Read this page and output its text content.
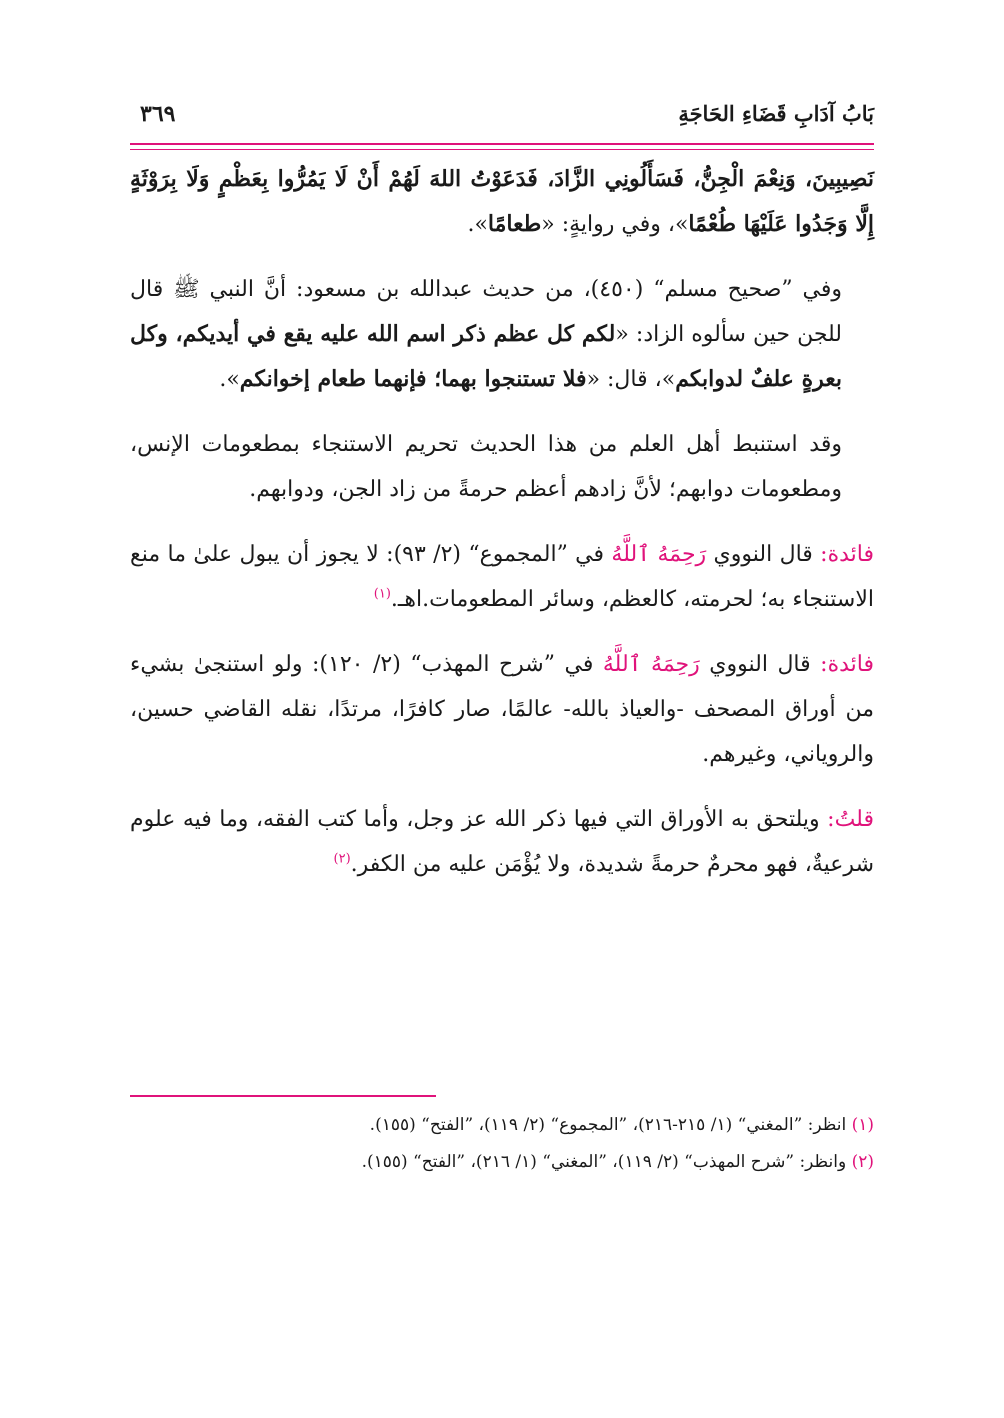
بَابُ آدَابِ قَضَاءِ الحَاجَةِ
٣٦٩

نَصِيبِينَ، وَنِعْمَ الْجِنُّ، فَسَأَلُونِي الزَّادَ، فَدَعَوْتُ اللهَ لَهُمْ أَنْ لَا يَمُرُّوا بِعَظْمٍ وَلَا بِرَوْثَةٍ إِلَّا وَجَدُوا عَلَيْهَا طُعْمًا»، وفي روايةٍ: «طعامًا».

وفي ”صحيح مسلم“ (٤٥٠)، من حديث عبدالله بن مسعود: أنَّ النبي ﷺ قال للجن حين سألوه الزاد: «لكم كل عظم ذكر اسم الله عليه يقع في أيديكم، وكل بعرةٍ علفٌ لدوابكم»، قال: «فلا تستنجوا بهما؛ فإنهما طعام إخوانكم».

وقد استنبط أهل العلم من هذا الحديث تحريم الاستنجاء بمطعومات الإنس، ومطعومات دوابهم؛ لأنَّ زادهم أعظم حرمةً من زاد الجن، ودوابهم.

فائدة: قال النووي رَحِمَهُ ٱللَّهُ في ”المجموع“ (٢/ ٩٣): لا يجوز أن يبول علىٰ ما منع الاستنجاء به؛ لحرمته، كالعظم، وسائر المطعومات.اهـ.$^{(١)}$

فائدة: قال النووي رَحِمَهُ ٱللَّهُ في ”شرح المهذب“ (٢/ ١٢٠): ولو استنجىٰ بشيء من أوراق المصحف -والعياذ بالله- عالمًا، صار كافرًا، مرتدًا، نقله القاضي حسين، والروياني، وغيرهم.

قلتُ: ويلتحق به الأوراق التي فيها ذكر الله عز وجل، وأما كتب الفقه، وما فيه علوم شرعيةٌ، فهو محرمٌ حرمةً شديدة، ولا يُؤْمَن عليه من الكفر.$^{(٢)}$

(١) انظر: ”المغني“ (١/ ٢١٥-٢١٦)، ”المجموع“ (٢/ ١١٩)، ”الفتح“ (١٥٥).

(٢) وانظر: ”شرح المهذب“ (٢/ ١١٩)، ”المغني“ (١/ ٢١٦)، ”الفتح“ (١٥٥).
